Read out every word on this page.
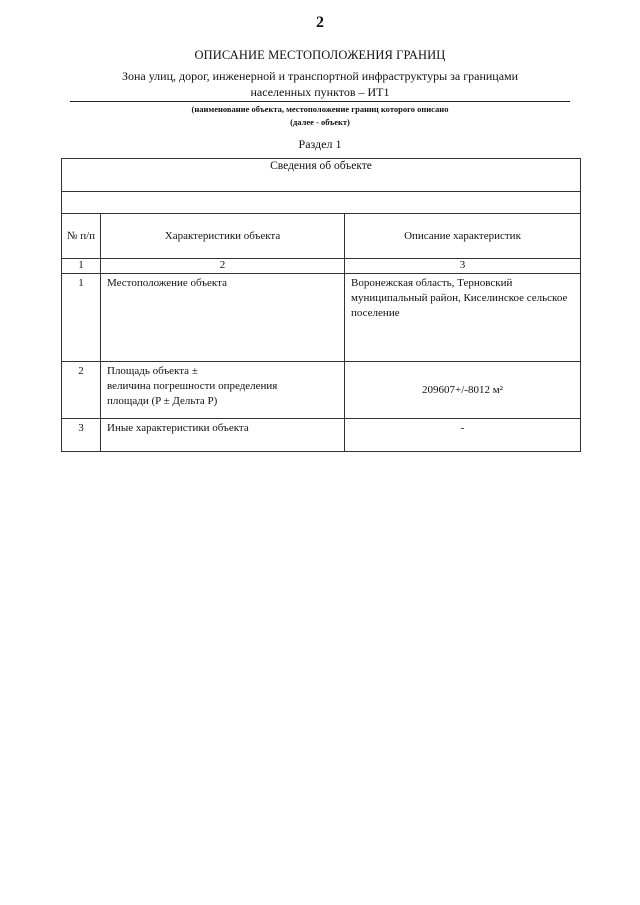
2
ОПИСАНИЕ МЕСТОПОЛОЖЕНИЯ ГРАНИЦ
Зона улиц, дорог, инженерной и транспортной инфраструктуры за границами
населенных пунктов – ИТ1
(наименование объекта, местоположение границ которого описано
(далее - объект)
Раздел 1
Сведения об объекте		

№ п/п	Характеристики объекта	Описание характеристик
1	2	3
1	Местоположение объекта	Воронежская область, Терновский муниципальный район, Киселинское сельское поселение
2	Площадь объекта ±
величина погрешности определения
площади (P ± Дельта P)	209607+/-8012 м²
3	Иные характеристики объекта	-
